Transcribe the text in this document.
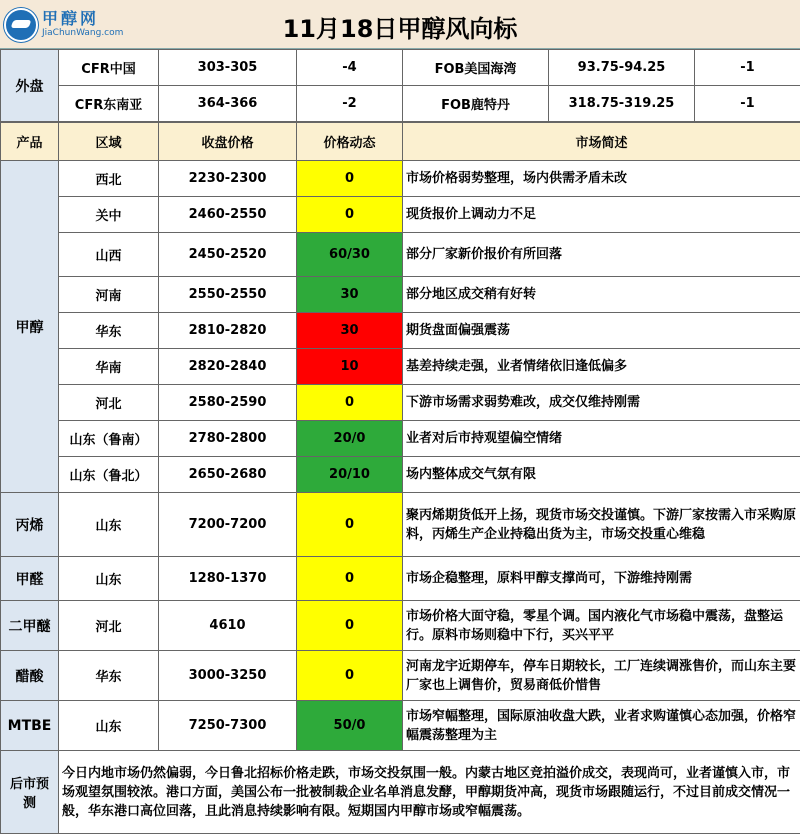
甲醇网
JiaChunWang.com	11月18日甲醇风向标
外盘	CFR中国	303-305	-4	FOB美国海湾	93.75-94.25	-1
	CFR东南亚	364-366	-2	FOB鹿特丹	318.75-319.25	-1
产品	区域	收盘价格	价格动态	市场简述
甲醇	西北	2230-2300	0	市场价格弱势整理，场内供需矛盾未改
	关中	2460-2550	0	现货报价上调动力不足
	山西	2450-2520	60/30	部分厂家新价报价有所回落
	河南	2550-2550	30	部分地区成交稍有好转
	华东	2810-2820	30	期货盘面偏强震荡
	华南	2820-2840	10	基差持续走强，业者情绪依旧逢低偏多
	河北	2580-2590	0	下游市场需求弱势难改，成交仅维持刚需
	山东（鲁南）	2780-2800	20/0	业者对后市持观望偏空情绪
	山东（鲁北）	2650-2680	20/10	场内整体成交气氛有限
丙烯	山东	7200-7200	0	聚丙烯期货低开上扬，现货市场交投谨慎。下游厂家按需入市采购原料，丙烯生产企业持稳出货为主，市场交投重心维稳
甲醛	山东	1280-1370	0	市场企稳整理，原料甲醇支撑尚可，下游维持刚需
二甲醚	河北	4610	0	市场价格大面守稳，零星个调。国内液化气市场稳中震荡，盘整运行。原料市场则稳中下行，买兴平平
醋酸	华东	3000-3250	0	河南龙宇近期停车，停车日期较长，工厂连续调涨售价，而山东主要厂家也上调售价，贸易商低价惜售
MTBE	山东	7250-7300	50/0	市场窄幅整理，国际原油收盘大跌，业者求购谨慎心态加强，价格窄幅震荡整理为主
后市预测	今日内地市场仍然偏弱，今日鲁北招标价格走跌，市场交投氛围一般。内蒙古地区竞拍溢价成交，表现尚可，业者谨慎入市，市场观望氛围较浓。港口方面，美国公布一批被制裁企业名单消息发酵，甲醇期货冲高，现货市场跟随运行，不过目前成交情况一般，华东港口高位回落，且此消息持续影响有限。短期国内甲醇市场或窄幅震荡。			
